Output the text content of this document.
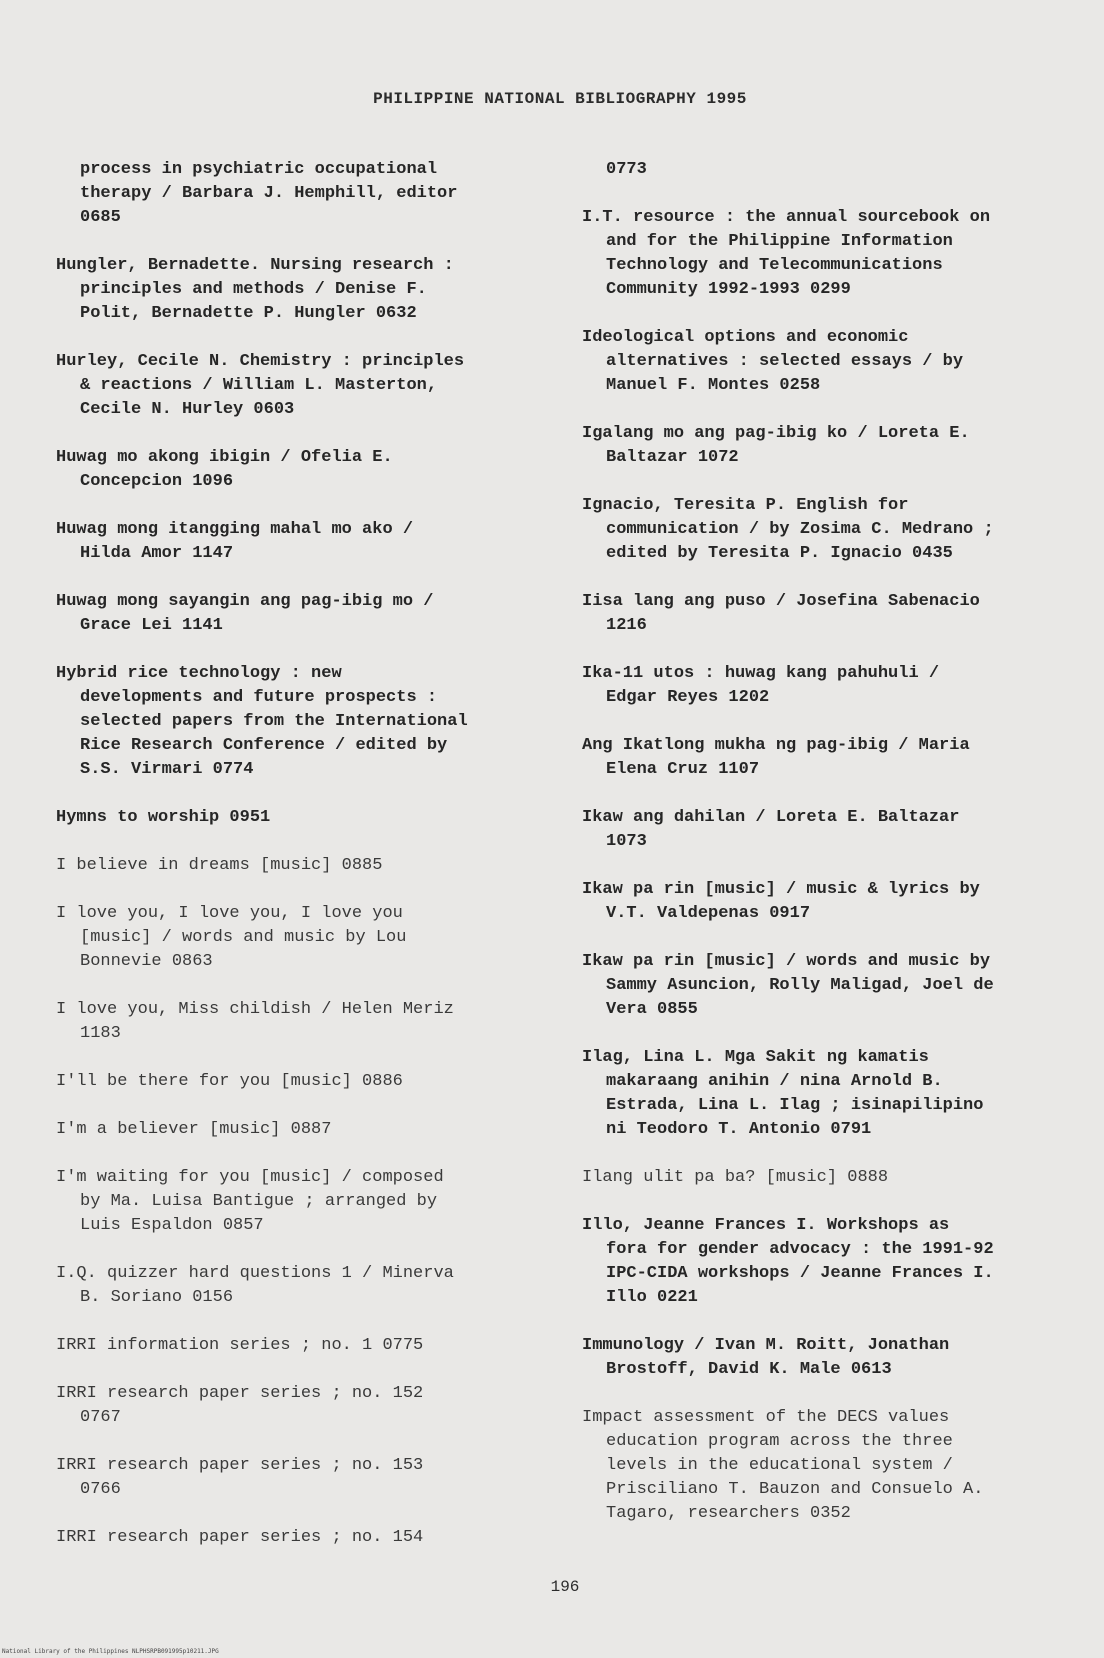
PHILIPPINE NATIONAL BIBLIOGRAPHY 1995

process in psychiatric occupational
therapy / Barbara J. Hemphill, editor
0685

Hungler, Bernadette. Nursing research :
principles and methods / Denise F.
Polit, Bernadette P. Hungler 0632

Hurley, Cecile N. Chemistry : principles
& reactions / William L. Masterton,
Cecile N. Hurley 0603

Huwag mo akong ibigin / Ofelia E.
Concepcion 1096

Huwag mong itangging mahal mo ako /
Hilda Amor 1147

Huwag mong sayangin ang pag-ibig mo /
Grace Lei 1141

Hybrid rice technology : new
developments and future prospects :
selected papers from the International
Rice Research Conference / edited by
S.S. Virmari 0774

Hymns to worship 0951

I believe in dreams [music] 0885

I love you, I love you, I love you
[music] / words and music by Lou
Bonnevie 0863

I love you, Miss childish / Helen Meriz
1183

I'll be there for you [music] 0886

I'm a believer [music] 0887

I'm waiting for you [music] / composed
by Ma. Luisa Bantigue ; arranged by
Luis Espaldon 0857

I.Q. quizzer hard questions 1 / Minerva
B. Soriano 0156

IRRI information series ; no. 1 0775

IRRI research paper series ; no. 152
0767

IRRI research paper series ; no. 153
0766

IRRI research paper series ; no. 154

0773

I.T. resource : the annual sourcebook on
and for the Philippine Information
Technology and Telecommunications
Community 1992-1993 0299

Ideological options and economic
alternatives : selected essays / by
Manuel F. Montes 0258

Igalang mo ang pag-ibig ko / Loreta E.
Baltazar 1072

Ignacio, Teresita P. English for
communication / by Zosima C. Medrano ;
edited by Teresita P. Ignacio 0435

Iisa lang ang puso / Josefina Sabenacio
1216

Ika-11 utos : huwag kang pahuhuli /
Edgar Reyes 1202

Ang Ikatlong mukha ng pag-ibig / Maria
Elena Cruz 1107

Ikaw ang dahilan / Loreta E. Baltazar
1073

Ikaw pa rin [music] / music & lyrics by
V.T. Valdepenas 0917

Ikaw pa rin [music] / words and music by
Sammy Asuncion, Rolly Maligad, Joel de
Vera 0855

Ilag, Lina L. Mga Sakit ng kamatis
makaraang anihin / nina Arnold B.
Estrada, Lina L. Ilag ; isinapilipino
ni Teodoro T. Antonio 0791

Ilang ulit pa ba? [music] 0888

Illo, Jeanne Frances I. Workshops as
fora for gender advocacy : the 1991-92
IPC-CIDA workshops / Jeanne Frances I.
Illo 0221

Immunology / Ivan M. Roitt, Jonathan
Brostoff, David K. Male 0613

Impact assessment of the DECS values
education program across the three
levels in the educational system /
Prisciliano T. Bauzon and Consuelo A.
Tagaro, researchers 0352

196
National Library of the Philippines NLPHSRPB091995p10211.JPG
